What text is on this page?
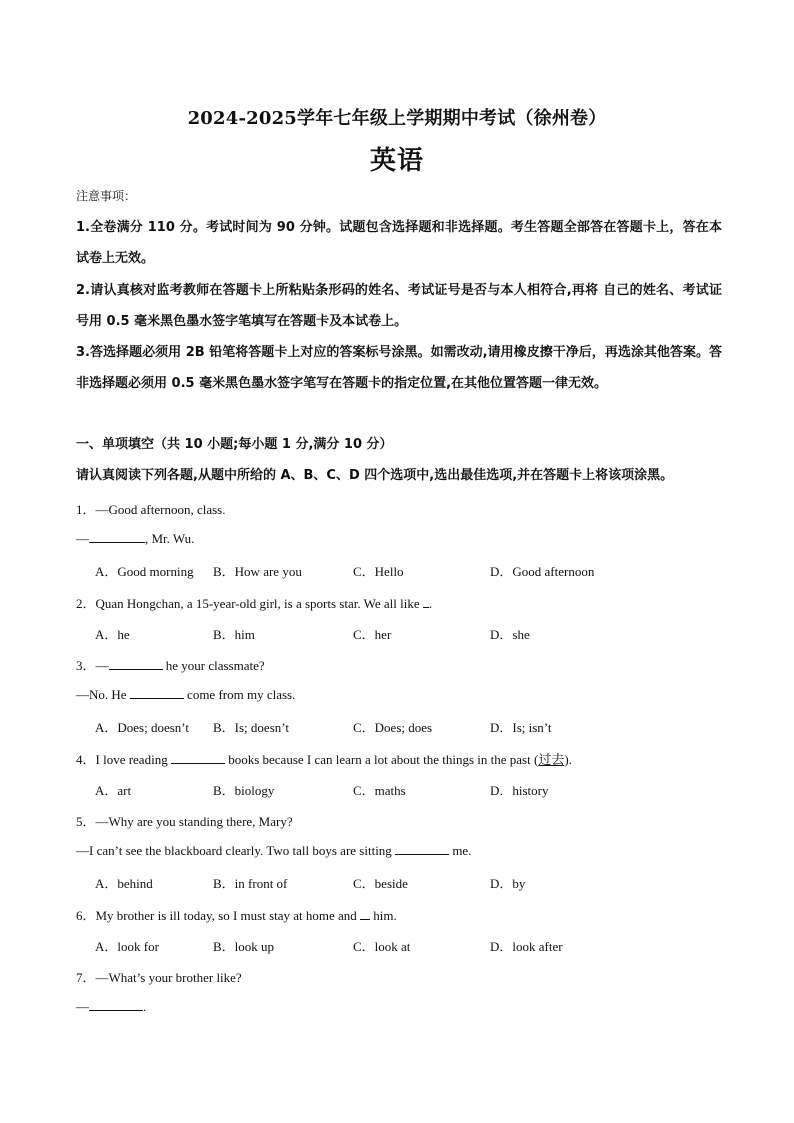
2024-2025学年七年级上学期期中考试（徐州卷）
英语
注意事项：
1.全卷满分 110 分。考试时间为 90 分钟。试题包含选择题和非选择题。考生答题全部答在答题卡上，答在本试卷上无效。
2.请认真核对监考教师在答题卡上所粘贴条形码的姓名、考试证号是否与本人相符合,再将 自己的姓名、考试证号用 0.5 毫米黑色墨水签字笔填写在答题卡及本试卷上。
3.答选择题必须用 2B 铅笔将答题卡上对应的答案标号涂黑。如需改动,请用橡皮擦干净后，再选涂其他答案。答非选择题必须用 0.5 毫米黑色墨水签字笔写在答题卡的指定位置,在其他位置答题一律无效。
一、单项填空（共 10 小题;每小题 1 分,满分 10 分）
请认真阅读下列各题,从题中所给的 A、B、C、D 四个选项中,选出最佳选项,并在答题卡上将该项涂黑。
1．—Good afternoon, class.
—	, Mr. Wu.
A．Good morning B．How are you	C．Hello	D．Good afternoon
2．Quan Hongchan, a 15-year-old girl, is a sports star. We all like .
A．he	B．him	C．her	D．she
3．—	he your classmate?
—No. He	come from my class.
A．Does; doesn’t B．Is; doesn’t	C．Does; does	D．Is; isn’t
4．I love reading	books because I can learn a lot about the things in the past (过去).
A．art	B．biology	C．maths	D．history
5．—Why are you standing there, Mary?
—I can’t see the blackboard clearly. Two tall boys are sitting	me.
A．behind	B．in front of	C．beside	D．by
6．My brother is ill today, so I must stay at home and  him.
A．look for	B．look up	C．look at	D．look after
7．—What’s your brother like?
—	.
